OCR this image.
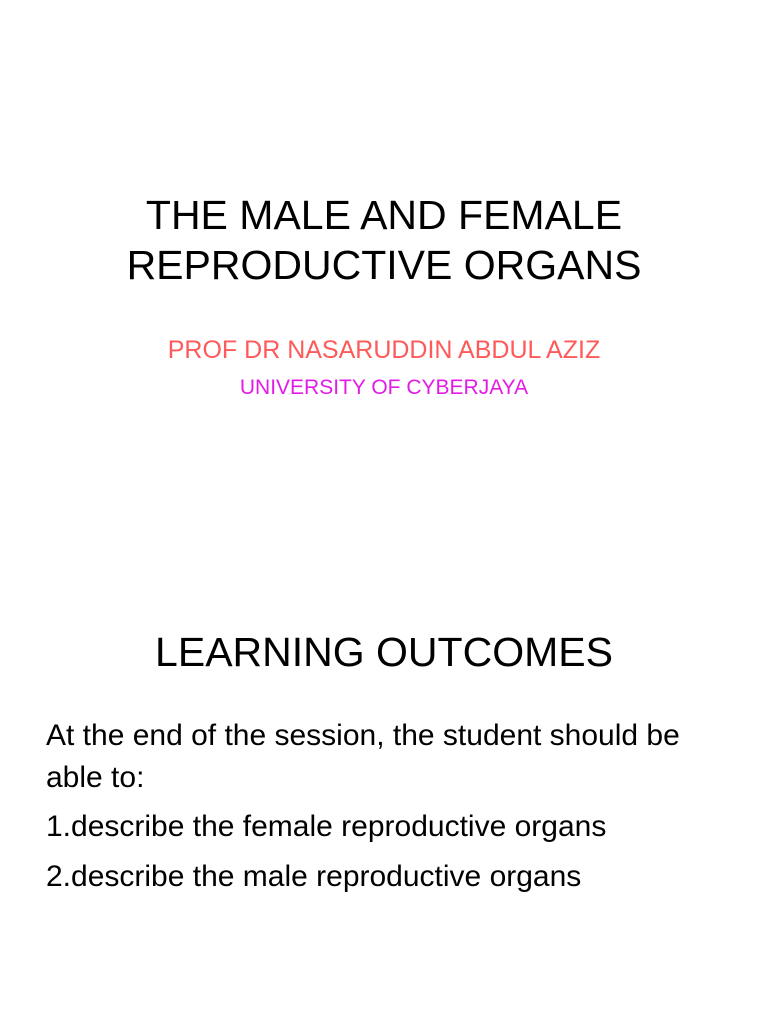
THE MALE AND FEMALE
REPRODUCTIVE ORGANS
PROF DR NASARUDDIN ABDUL AZIZ
UNIVERSITY OF CYBERJAYA
LEARNING OUTCOMES

At the end of the session, the student should be able to:

1.describe the female reproductive organs

2.describe the male reproductive organs
